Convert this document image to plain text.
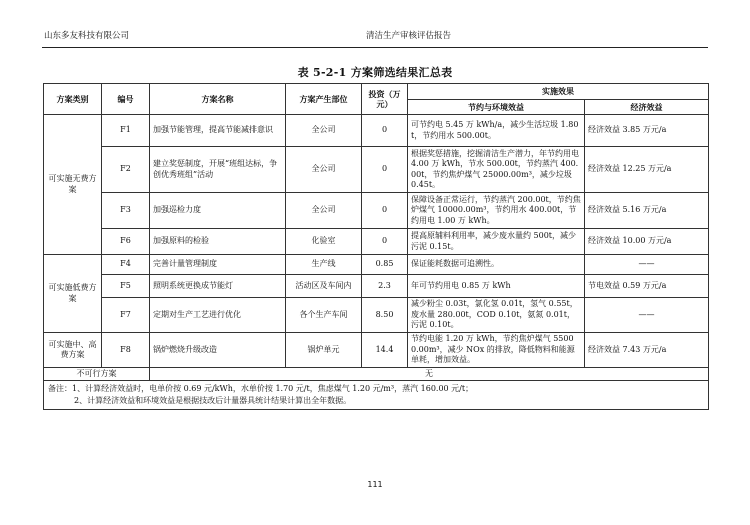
山东多友科技有限公司	清洁生产审核评估报告
表 5-2-1 方案筛选结果汇总表
方案类别	编号	方案名称	方案产生部位	投资（万元）	实施效果	
					节约与环境效益	经济效益
可实施无费方案	F1	加强节能管理，提高节能减排意识	全公司	0	可节约电 5.45 万 kWh/a，减少生活垃圾 1.80t，节约用水 500.00t。	经济效益 3.85 万元/a
	F2	建立奖惩制度，开展“班组达标，争创优秀班组”活动	全公司	0	根据奖惩措施，挖掘清洁生产潜力，年节约用电 4.00 万 kWh，节水 500.00t，节约蒸汽 400.00t，节约焦炉煤气 25000.00m³，减少垃圾 0.45t。	经济效益 12.25 万元/a
	F3	加强巡检力度	全公司	0	保障设备正常运行，节约蒸汽 200.00t，节约焦炉煤气 10000.00m³，节约用水 400.00t，节约用电 1.00 万 kWh。	经济效益 5.16 万元/a
	F6	加强原料的检验	化验室	0	提高原辅料利用率，减少废水量约 500t，减少污泥 0.15t。	经济效益 10.00 万元/a
可实施低费方案	F4	完善计量管理制度	生产线	0.85	保证能耗数据可追溯性。	——
	F5	照明系统更换成节能灯	活动区及车间内	2.3	年可节约用电 0.85 万 kWh	节电效益 0.59 万元/a
	F7	定期对生产工艺进行优化	各个生产车间	8.50	减少粉尘 0.03t，氯化氢 0.01t，氢气 0.55t，废水量 280.00t，COD 0.10t，氨氮 0.01t，污泥 0.10t。	——
可实施中、高费方案	F8	锅炉燃烧升级改造	锅炉单元	14.4	节约电能 1.20 万 kWh，节约焦炉煤气 55000.00m³，减少 NOx 的排放，降低物料和能源单耗，增加效益。	经济效益 7.43 万元/a
不可行方案		无				

备注：1、计算经济效益时，电单价按 0.69 元/kWh，水单价按 1.70 元/t，焦虑煤气 1.20 元/m³，蒸汽 160.00 元/t；
2、计算经济效益和环境效益是根据技改后计量器具统计结果计算出全年数据。						
111
